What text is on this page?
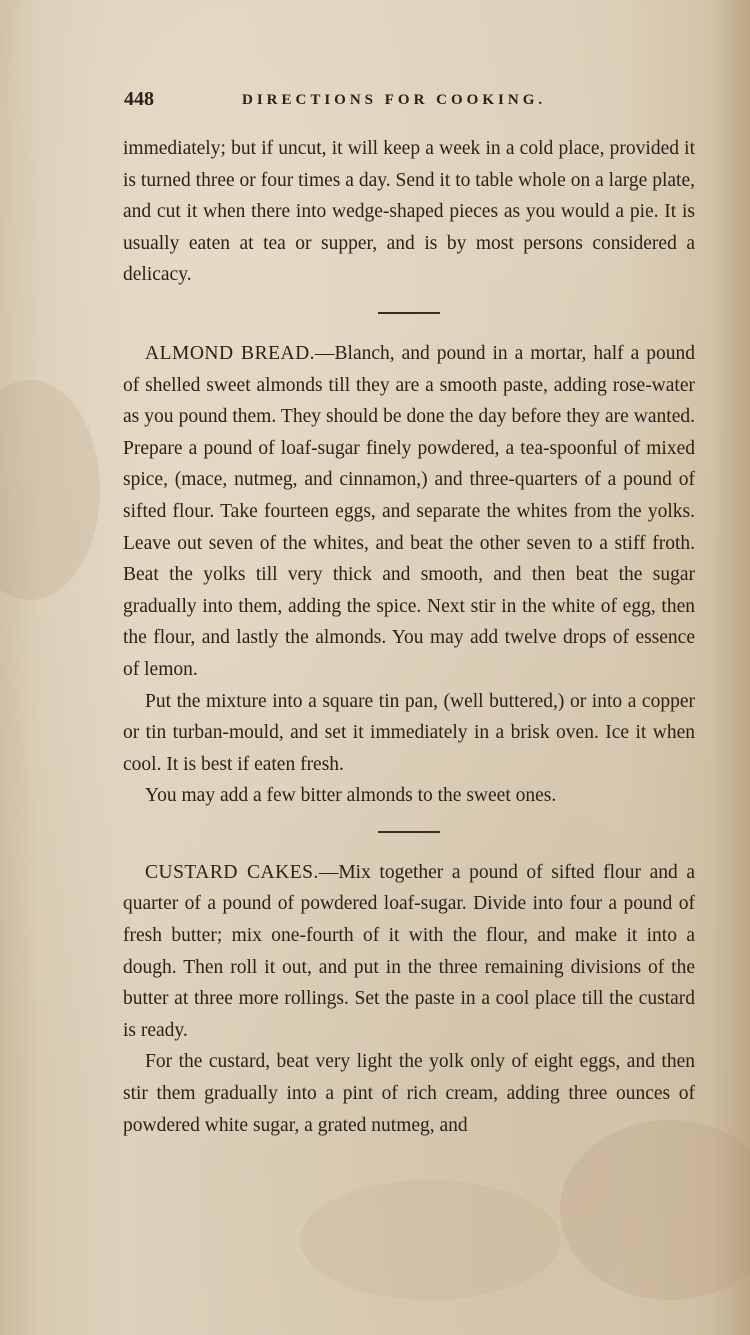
448	DIRECTIONS FOR COOKING.

immediately; but if uncut, it will keep a week in a cold place, provided it is turned three or four times a day. Send it to table whole on a large plate, and cut it when there into wedge-shaped pieces as you would a pie. It is usually eaten at tea or supper, and is by most persons considered a delicacy.

ALMOND BREAD.—Blanch, and pound in a mortar, half a pound of shelled sweet almonds till they are a smooth paste, adding rose-water as you pound them. They should be done the day before they are wanted. Prepare a pound of loaf-sugar finely powdered, a tea-spoonful of mixed spice, (mace, nutmeg, and cinnamon,) and three-quarters of a pound of sifted flour. Take fourteen eggs, and separate the whites from the yolks. Leave out seven of the whites, and beat the other seven to a stiff froth. Beat the yolks till very thick and smooth, and then beat the sugar gradually into them, adding the spice. Next stir in the white of egg, then the flour, and lastly the almonds. You may add twelve drops of essence of lemon.

Put the mixture into a square tin pan, (well buttered,) or into a copper or tin turban-mould, and set it immediately in a brisk oven. Ice it when cool. It is best if eaten fresh.

You may add a few bitter almonds to the sweet ones.

CUSTARD CAKES.—Mix together a pound of sifted flour and a quarter of a pound of powdered loaf-sugar. Divide into four a pound of fresh butter; mix one-fourth of it with the flour, and make it into a dough. Then roll it out, and put in the three remaining divisions of the butter at three more rollings. Set the paste in a cool place till the custard is ready.

For the custard, beat very light the yolk only of eight eggs, and then stir them gradually into a pint of rich cream, adding three ounces of powdered white sugar, a grated nutmeg, and
